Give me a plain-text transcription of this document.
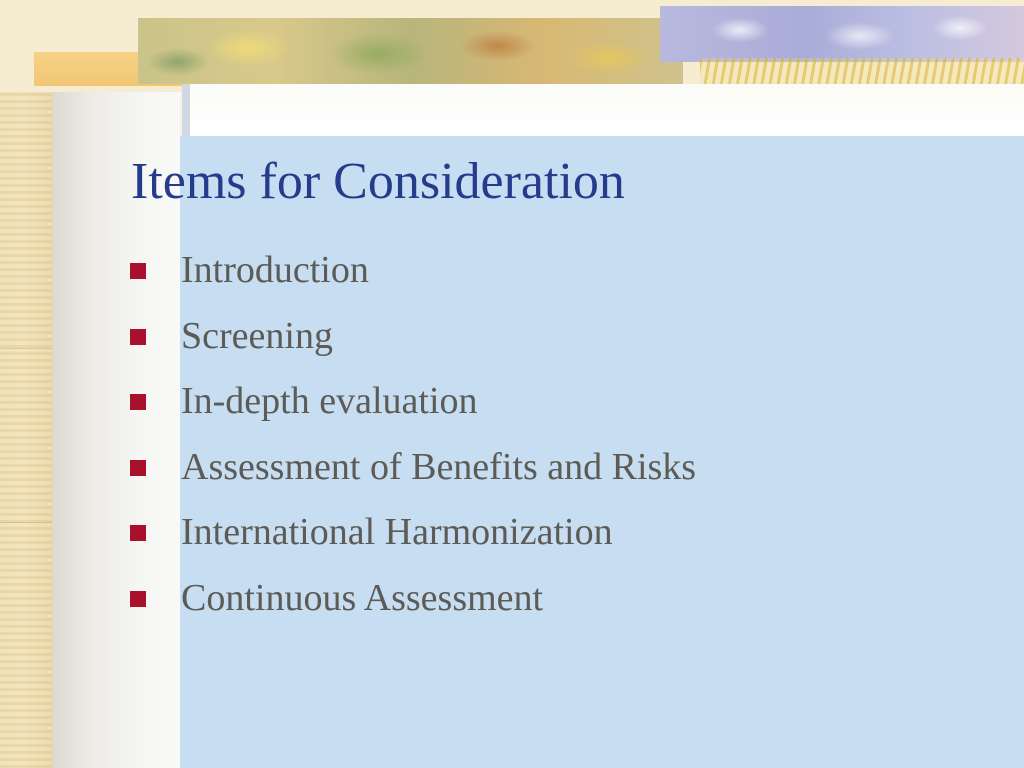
Items for Consideration
Introduction
Screening
In-depth evaluation
Assessment of Benefits and Risks
International Harmonization
Continuous Assessment
